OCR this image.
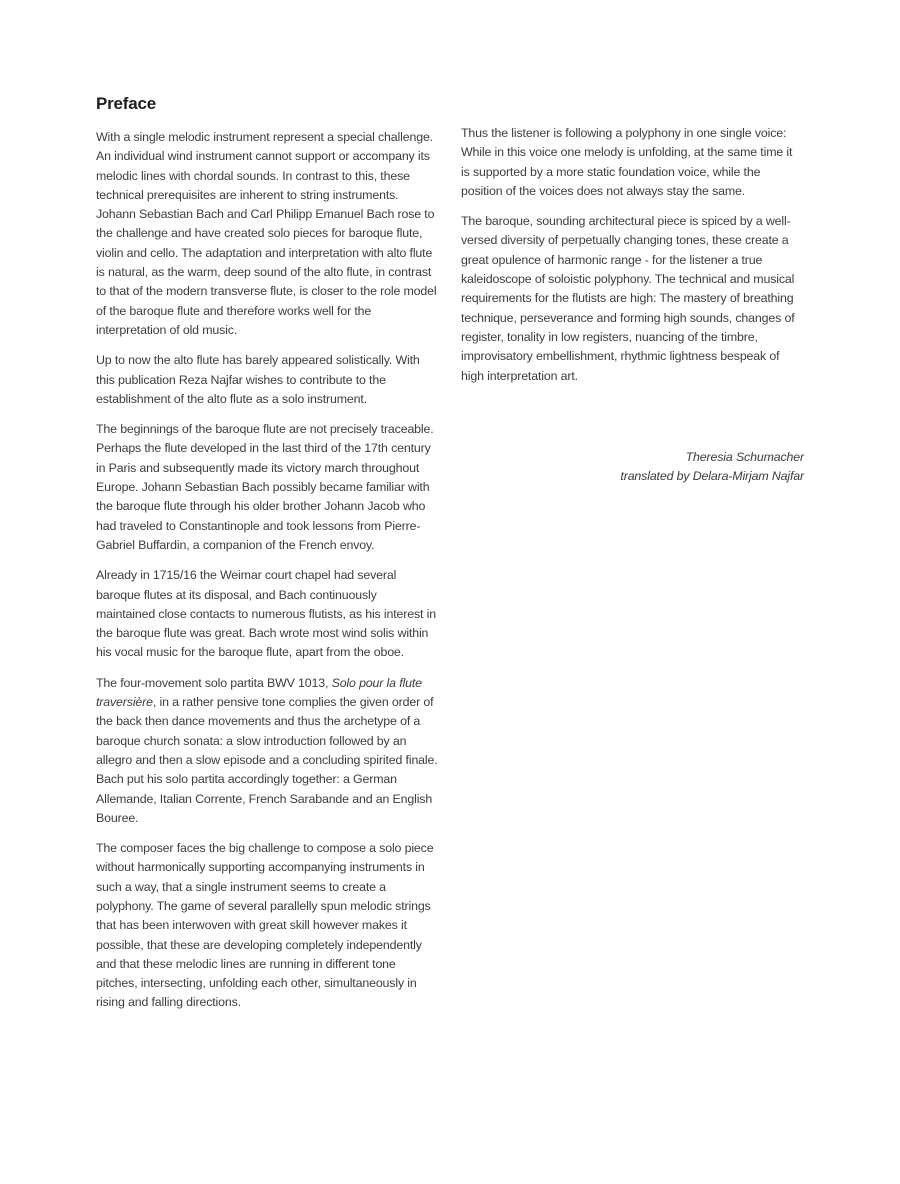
Preface

With a single melodic instrument represent a special challenge. An individual wind instrument cannot support or accompany its melodic lines with chordal sounds. In contrast to this, these technical prerequisites are inherent to string instruments. Johann Sebastian Bach and Carl Philipp Emanuel Bach rose to the challenge and have created solo pieces for baroque flute, violin and cello. The adaptation and interpretation with alto flute is natural, as the warm, deep sound of the alto flute, in contrast to that of the modern transverse flute, is closer to the role model of the baroque flute and therefore works well for the interpretation of old music.

Up to now the alto flute has barely appeared solistically. With this publication Reza Najfar wishes to contribute to the establishment of the alto flute as a solo instrument.

The beginnings of the baroque flute are not precisely traceable. Perhaps the flute developed in the last third of the 17th century in Paris and subsequently made its victory march throughout Europe. Johann Sebastian Bach possibly became familiar with the baroque flute through his older brother Johann Jacob who had traveled to Constantinople and took lessons from Pierre-Gabriel Buffardin, a companion of the French envoy.

Already in 1715/16 the Weimar court chapel had several baroque flutes at its disposal, and Bach continuously maintained close contacts to numerous flutists, as his interest in the baroque flute was great. Bach wrote most wind solis within his vocal music for the baroque flute, apart from the oboe.

The four-movement solo partita BWV 1013, Solo pour la flute traversière, in a rather pensive tone complies the given order of the back then dance movements and thus the archetype of a baroque church sonata: a slow introduction followed by an allegro and then a slow episode and a concluding spirited finale. Bach put his solo partita accordingly together: a German Allemande, Italian Corrente, French Sarabande and an English Bouree.

The composer faces the big challenge to compose a solo piece without harmonically supporting accompanying instruments in such a way, that a single instrument seems to create a polyphony. The game of several parallelly spun melodic strings that has been interwoven with great skill however makes it possible, that these are developing completely independently and that these melodic lines are running in different tone pitches, intersecting, unfolding each other, simultaneously in rising and falling directions.

Thus the listener is following a polyphony in one single voice: While in this voice one melody is unfolding, at the same time it is supported by a more static foundation voice, while the position of the voices does not always stay the same.

The baroque, sounding architectural piece is spiced by a well-versed diversity of perpetually changing tones, these create a great opulence of harmonic range - for the listener a true kaleidoscope of soloistic polyphony. The technical and musical requirements for the flutists are high: The mastery of breathing technique, perseverance and forming high sounds, changes of register, tonality in low registers, nuancing of the timbre, improvisatory embellishment, rhythmic lightness bespeak of high interpretation art.

Theresia Schumacher
translated by Delara-Mirjam Najfar
